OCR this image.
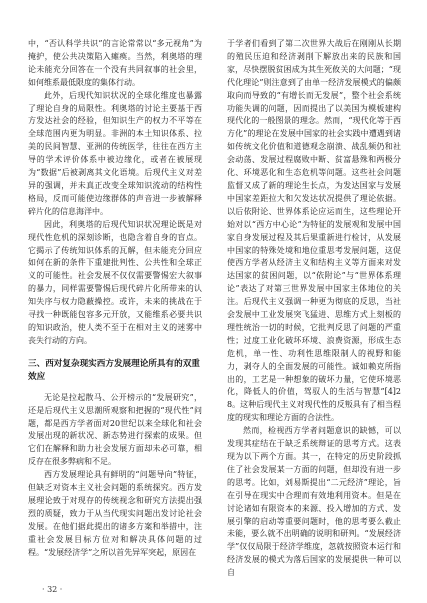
中，“否认科学共识”的言论常常以“多元视角”为掩护，使公共决策陷入瘫痪。当然，利奥塔的理论未能充分回答在一个没有共同叙事的社会里，如何维系最低限度的集体行动。

此外，后现代知识状况的全球化维度也暴露了理论自身的局限性。利奥塔的讨论主要基于西方发达社会的经验，但知识生产的权力不平等在全球范围内更为明显。非洲的本土知识体系、拉美的民间智慧、亚洲的传统医学，往往在西方主导的学术评价体系中被边缘化，或者在被展现为“数据”后被剥离其文化语境。后现代主义对差异的强调，并未真正改变全球知识流动的结构性格局，反而可能使边缘群体的声音进一步被解释碎片化的信息海洋中。

因此，利奥塔的后现代知识状况理论既是对现代性危机的深刻诊断，也隐含着自身的盲点。它揭示了传统知识体系的瓦解，但未能充分回应如何在新的条件下重建批判性、公共性和全球正义的可能性。社会发展不仅仅需要警惕宏大叙事的暴力，同样需要警惕后现代碎片化所带来的认知失序与权力隐蔽操控。或许，未来的挑战在于寻找一种既能包容多元开放，又能维系必要共识的知识政治，使人类不至于在相对主义的迷雾中丧失行动的方向。

三、西对复杂现实西方发展理论所具有的双重效应

无论是拉起散马、公开榜示的“发展研究”，还是后现代主义思潮所观察和把握的“现代性”问题，都是西方学者面对20世纪以来全球化和社会发展出现的新状况、新态势进行探索的成果。但它们在解释和助力社会发展方面却未必可靠，相反存在很多弊病和不足。

西方发展理论具有鲜明的“问题导向”特征，但缺乏对资本主义社会问题的系统探究。西方发展理论致于对现存的传统视念和研究方法提出强烈的质疑，致力于从当代现实问题出发讨论社会发展。在他们据此提出的诸多方案和举措中，注重社会发展目标方位对和解决具体问题的过程。“发展经济学”之所以首先异军突起，原因在

于学者们看到了第二次世界大战后在刚刚从长期的殖民压迫和经济剥削下解放出来的民族和国家，尽快摆脱贫困成为其生死攸关的大问题；“现代化理论”则注意到了由单一经济发展模式的偏颇取向而导致的“有增长而无发展”，整个社会系统功能失调的问题，因而提出了以美国为模板建构现代化的一般图景的理念。然而，“现代化等于西方化”的理论在发展中国家的社会实践中遭遇到诸如传统文化价值和道德观念崩溃、战乱频仍和社会动荡、发展过程腐败中断、贫富悬殊和两极分化、环境恶化和生态危机等问题。这些社会问题监督又成了新的理论生长点，为发达国家与发展中国家差距拉大和欠发达状况提供了理论依据。以后依附论、世界体系论应运而生，这些理论开始对以“西方中心论”为特征的发展观和发展中国家自身发展过程及其后果重新进行检讨，从发展中国家的特殊处境和地位重思考发展问题，这促使西方学者从经济主义和结构主义等方面来对发达国家的贫困问题，以“依附论”与“世界体系理论”表达了对第三世界发展中国家主体地位的关注。后现代主义强调一种更为彻底的反思，当社会发展中工业发展突飞猛进、思维方式上刻板的理性统治一切的时候，它批判反思了问题的严重性；过度工业化破坏环境、浪费资源，形成生态危机，单一性、功利性思维限制人的视野和能力，剥夺人的全面发展的可能性。诚如赖克所指出的，工艺是一种想象的破坏力量，它使环境恶化，降低人的价值，驾驭人的生活与智慧”[4]28。这种后现代主义对现代性的反叛具有了相当程度的现实和理论方面的合法性。

然而，检视西方学者问题意识的缺憾，可以发现其症结在于缺乏系统辩证的思考方式。这表现为以下两个方面。其一，在特定的历史阶段抓住了社会发展某一方面的问题，但却没有进一步的思考。比如，刘易斯提出“二元经济”理论，旨在引导在现实中合理而有效地利用资本。但是在讨论诸如有限资本的来源、投入增加的方式、发展引擎的启动等重要问题时，他的思考要么截止未能，要么就不出明确的说明和研判。“发展经济学”仅仅局限于经济学维度，忽就按照资本运行和经济发展的模式为落后国家的发展提供一种可以自

· 32 ·
